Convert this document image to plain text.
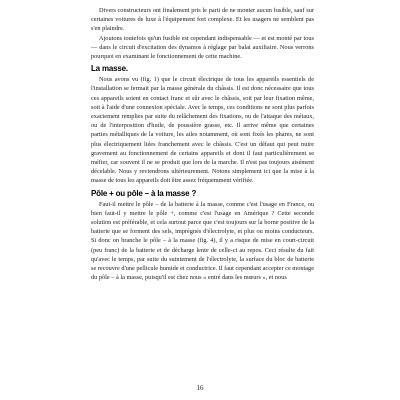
Divers constructeurs ont finalement pris le parti de ne monter aucun fusible, sauf sur certaines voitures de luxe à l'équipement fort complexe. Et les usagers ne semblent pas s'en plaindre.

Ajoutons toutefois qu'un fusible est cependant indispensable — et est monté par tous — dans le circuit d'excitation des dynamos à réglage par balai auxiliaire. Nous verrons pourquoi en examinant le fonctionnement de cette machine.

La masse.

Nous avons vu (fig. 1) que le circuit électrique de tous les appareils essentiels de l'installation se fermait par la masse générale du châssis. Il est donc nécessaire que tous ces appareils soient en contact franc et sûr avec le châssis, soit par leur fixation même, soit à l'aide d'une connexion spéciale. Avec le temps, ces conditions ne sont plus parfois exactement remplies par suite du relâchement des fixations, ou de l'attaque des métaux, ou de l'interposition d'huile, de poussière grasse, etc. Il arrive même que certaines parties métalliques de la voiture, les ailes notamment, où sont fixés les phares, ne sont plus électriquement liées franchement avec le châssis. C'est un défaut qui peut nuire gravement au fonctionnement de certains appareils et dont il faut particulièrement se méfier, car souvent il ne se produit que lors de la marche. Il n'est pas toujours aisément décelable. Nous y reviendrons ultérieurement. Notons simplement ici que la mise à la masse de tous les appareils doit être assez fréquemment vérifiée.

Pôle + ou pôle – à la masse ?

Faut-il mettre le pôle – de la batterie à la masse, comme c'est l'usage en France, ou bien faut-il y mettre le pôle +, comme c'est l'usage en Amérique ? Cette seconde solution est préférable, et cela surtout parce que c'est toujours sur la borne positive de la batterie que se forment des sels, imprégnés d'électrolyte, et plus ou moins conducteurs. Si donc on branche le pôle – à la masse (fig. 4), il y a risque de mise en court-circuit (peu franc) de la batterie et de décharge lente de celle-ci au repos. Ceci résulte du fait qu'avec le temps, par suite du suintement de l'électrolyte, la surface du bloc de batterie se recouvre d'une pellicule humide et conductrice. Il faut cependant accepter ce montage du pôle – à la masse, puisqu'il est chez nous « entré dans les mœurs », et nous

16
